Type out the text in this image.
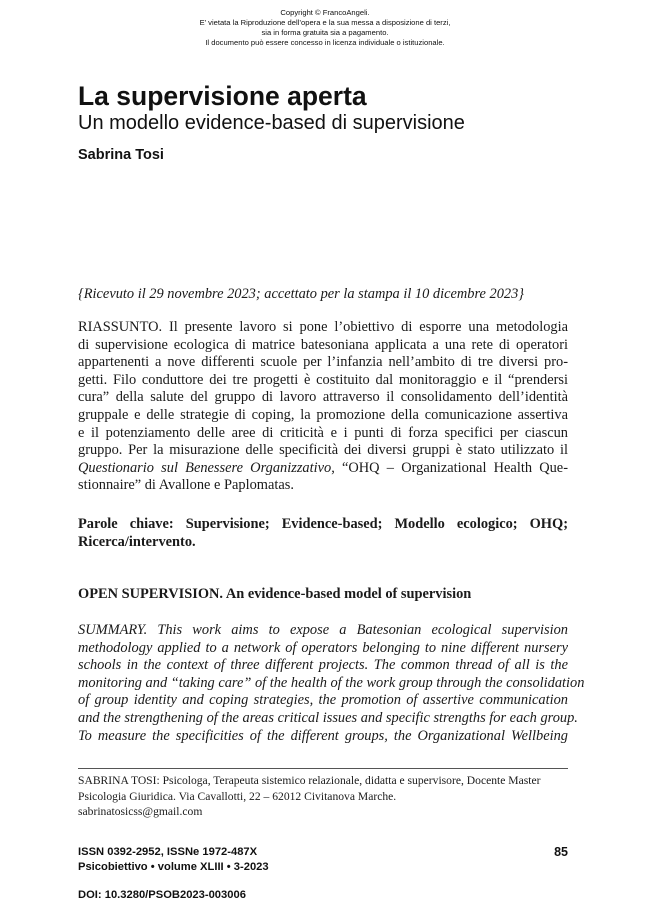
Copyright © FrancoAngeli.
E’ vietata la Riproduzione dell’opera e la sua messa a disposizione di terzi,
sia in forma gratuita sia a pagamento.
Il documento può essere concesso in licenza individuale o istituzionale.
La supervisione aperta
Un modello evidence-based di supervisione
Sabrina Tosi
{Ricevuto il 29 novembre 2023; accettato per la stampa il 10 dicembre 2023}
RIASSUNTO. Il presente lavoro si pone l’obiettivo di esporre una metodologia
di supervisione ecologica di matrice batesoniana applicata a una rete di operatori
appartenenti a nove differenti scuole per l’infanzia nell’ambito di tre diversi pro-
getti. Filo conduttore dei tre progetti è costituito dal monitoraggio e il “prendersi
cura” della salute del gruppo di lavoro attraverso il consolidamento dell’identità
gruppale e delle strategie di coping, la promozione della comunicazione assertiva
e il potenziamento delle aree di criticità e i punti di forza specifici per ciascun
gruppo. Per la misurazione delle specificità dei diversi gruppi è stato utilizzato il
Questionario sul Benessere Organizzativo, “OHQ – Organizational Health Que-
stionnaire” di Avallone e Paplomatas.
Parole chiave: Supervisione; Evidence-based; Modello ecologico; OHQ;
Ricerca/intervento.
OPEN SUPERVISION. An evidence-based model of supervision
SUMMARY. This work aims to expose a Batesonian ecological supervision
methodology applied to a network of operators belonging to nine different nursery
schools in the context of three different projects. The common thread of all is the
monitoring and “taking care” of the health of the work group through the consolidation
of group identity and coping strategies, the promotion of assertive communication
and the strengthening of the areas critical issues and specific strengths for each group.
To measure the specificities of the different groups, the Organizational Wellbeing
SABRINA TOSI: Psicologa, Terapeuta sistemico relazionale, didatta e supervisore, Docente Master
Psicologia Giuridica. Via Cavallotti, 22 – 62012 Civitanova Marche.
sabrinatosicss@gmail.com
ISSN 0392-2952, ISSNe 1972-487X
Psicobiettivo • volume XLIII • 3-2023
85
DOI: 10.3280/PSOB2023-003006
